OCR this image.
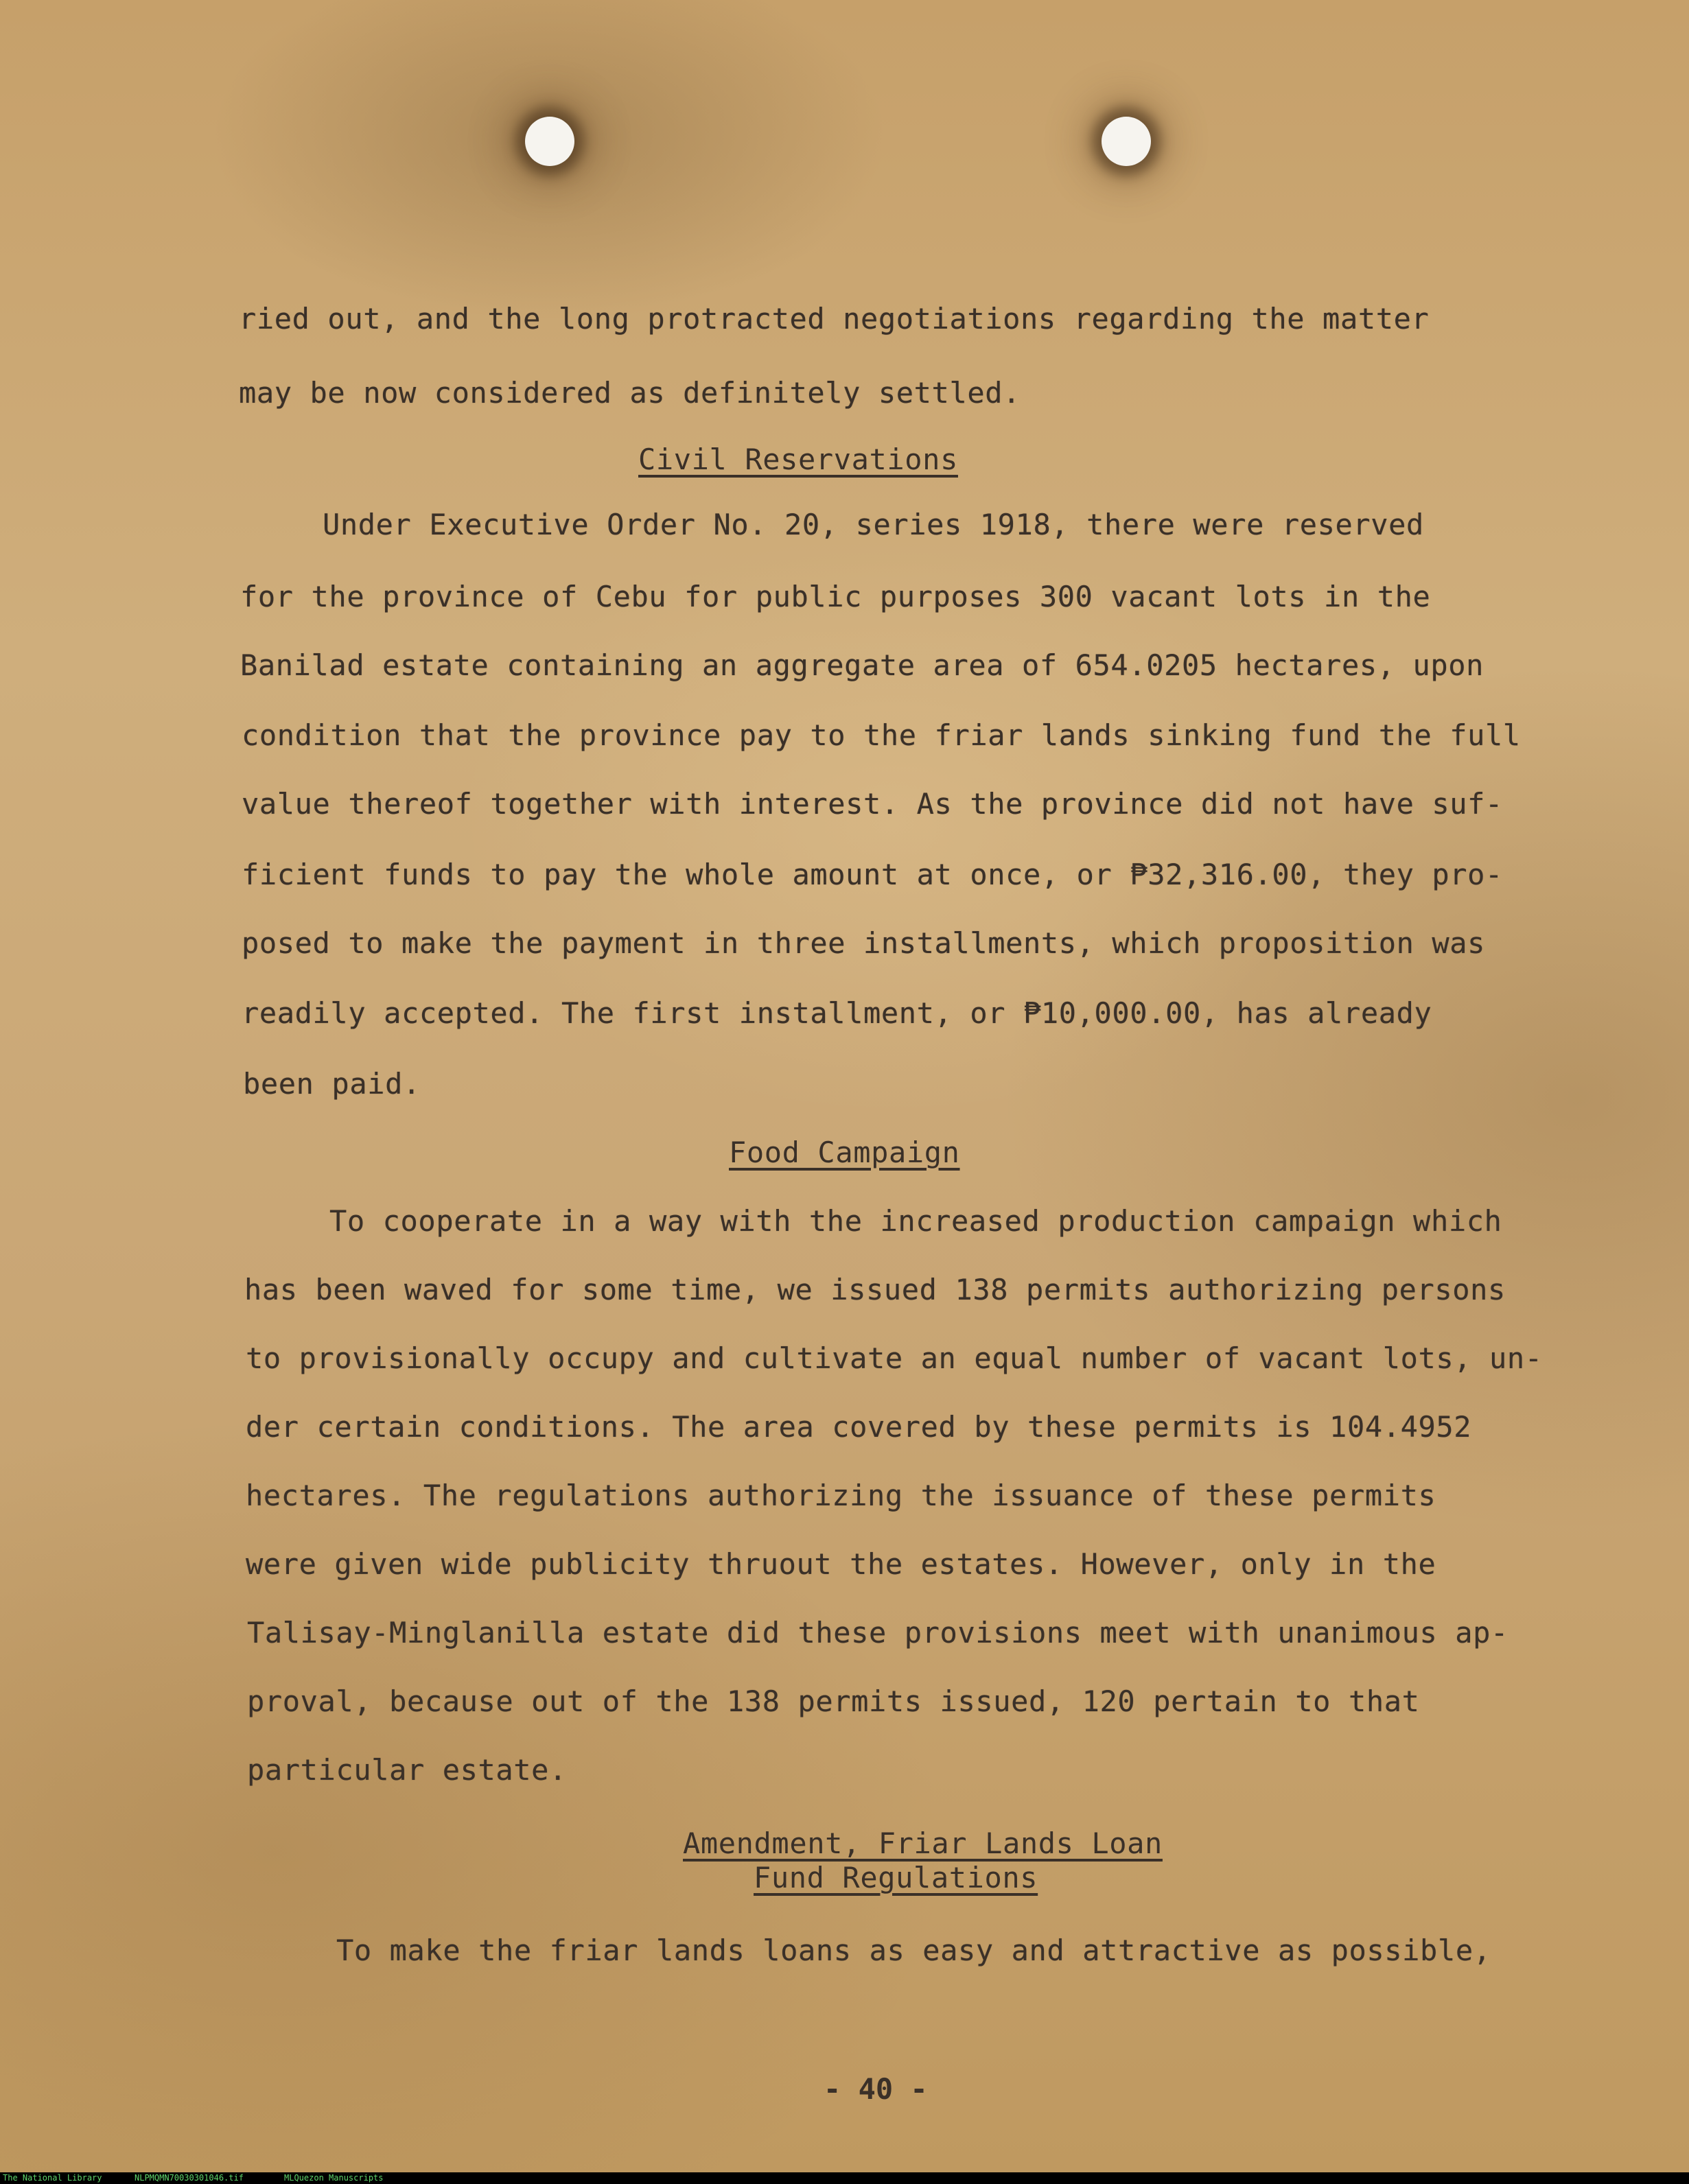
ried out, and the long protracted negotiations regarding the matter
may be now considered as definitely settled.
Civil Reservations
Under Executive Order No. 20, series 1918, there were reserved
for the province of Cebu for public purposes 300 vacant lots in the
Banilad estate containing an aggregate area of 654.0205 hectares, upon
condition that the province pay to the friar lands sinking fund the full
value thereof together with interest. As the province did not have suf-
ficient funds to pay the whole amount at once, or ₱32,316.00, they pro-
posed to make the payment in three installments, which proposition was
readily accepted. The first installment, or ₱10,000.00, has already
been paid.
Food Campaign
To cooperate in a way with the increased production campaign which
has been waved for some time, we issued 138 permits authorizing persons
to provisionally occupy and cultivate an equal number of vacant lots, un-
der certain conditions. The area covered by these permits is 104.4952
hectares. The regulations authorizing the issuance of these permits
were given wide publicity thruout the estates. However, only in the
Talisay-Minglanilla estate did these provisions meet with unanimous ap-
proval, because out of the 138 permits issued, 120 pertain to that
particular estate.
Amendment, Friar Lands Loan
Fund Regulations
To make the friar lands loans as easy and attractive as possible,
- 40 -
The National Library	NLPMQMN70030301046.tif	MLQuezon Manuscripts
